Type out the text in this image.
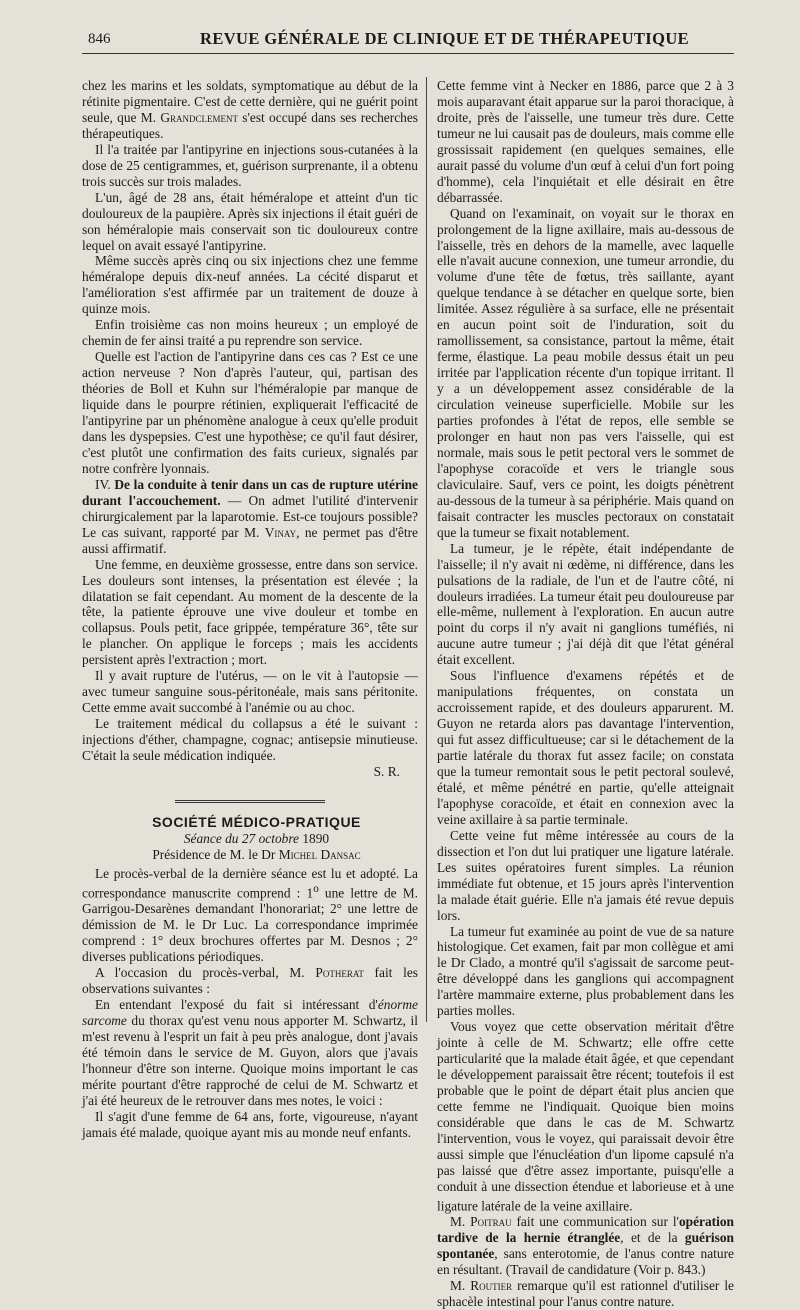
846	REVUE GÉNÉRALE DE CLINIQUE ET DE THÉRAPEUTIQUE

chez les marins et les soldats, symptomatique au début de la rétinite pigmentaire. C'est de cette dernière, qui ne guérit point seule, que M. Grandclement s'est occupé dans ses recherches thérapeutiques.

Il l'a traitée par l'antipyrine en injections sous-cutanées à la dose de 25 centigrammes, et, guérison surprenante, il a obtenu trois succès sur trois malades.

L'un, âgé de 28 ans, était héméralope et atteint d'un tic douloureux de la paupière. Après six injections il était guéri de son héméralopie mais conservait son tic douloureux contre lequel on avait essayé l'antipyrine.

Même succès après cinq ou six injections chez une femme héméralope depuis dix-neuf années. La cécité disparut et l'amélioration s'est affirmée par un traitement de douze à quinze mois.

Enfin troisième cas non moins heureux ; un employé de chemin de fer ainsi traité a pu reprendre son service.

Quelle est l'action de l'antipyrine dans ces cas ? Est ce une action nerveuse ? Non d'après l'auteur, qui, partisan des théories de Boll et Kuhn sur l'héméralopie par manque de liquide dans le pourpre rétinien, expliquerait l'efficacité de l'antipyrine par un phénomène analogue à ceux qu'elle produit dans les dyspepsies. C'est une hypothèse; ce qu'il faut désirer, c'est plutôt une confirmation des faits curieux, signalés par notre confrère lyonnais.

IV. De la conduite à tenir dans un cas de rupture utérine durant l'accouchement. — On admet l'utilité d'intervenir chirurgicalement par la laparotomie. Est-ce toujours possible? Le cas suivant, rapporté par M. Vinay, ne permet pas d'être aussi affirmatif.

Une femme, en deuxième grossesse, entre dans son service. Les douleurs sont intenses, la présentation est élevée ; la dilatation se fait cependant. Au moment de la descente de la tête, la patiente éprouve une vive douleur et tombe en collapsus. Pouls petit, face grippée, température 36°, tête sur le plancher. On applique le forceps ; mais les accidents persistent après l'extraction ; mort.

Il y avait rupture de l'utérus, — on le vit à l'autopsie — avec tumeur sanguine sous-péritonéale, mais sans péritonite. Cette emme avait succombé à l'anémie ou au choc.

Le traitement médical du collapsus a été le suivant : injections d'éther, champagne, cognac; antisepsie minutieuse. C'était la seule médication indiquée.

S. R.

SOCIÉTÉ MÉDICO-PRATIQUE

Séance du 27 octobre 1890

Présidence de M. le Dr Michel Dansac

Le procès-verbal de la dernière séance est lu et adopté. La correspondance manuscrite comprend : 1$^o$ une lettre de M. Garrigou-Desarènes demandant l'honorariat; 2° une lettre de démission de M. le Dr Luc. La correspondance imprimée comprend : 1° deux brochures offertes par M. Desnos ; 2° diverses publications périodiques.

A l'occasion du procès-verbal, M. Potherat fait les observations suivantes :

En entendant l'exposé du fait si intéressant d'énorme sarcome du thorax qu'est venu nous apporter M. Schwartz, il m'est revenu à l'esprit un fait à peu près analogue, dont j'avais été témoin dans le service de M. Guyon, alors que j'avais l'honneur d'être son interne. Quoique moins important le cas mérite pourtant d'être rapproché de celui de M. Schwartz et j'ai été heureux de le retrouver dans mes notes, le voici :

Il s'agit d'une femme de 64 ans, forte, vigoureuse, n'ayant jamais été malade, quoique ayant mis au monde neuf enfants.

Cette femme vint à Necker en 1886, parce que 2 à 3 mois auparavant était apparue sur la paroi thoracique, à droite, près de l'aisselle, une tumeur très dure. Cette tumeur ne lui causait pas de douleurs, mais comme elle grossissait rapidement (en quelques semaines, elle aurait passé du volume d'un œuf à celui d'un fort poing d'homme), cela l'inquiétait et elle désirait en être débarrassée.

Quand on l'examinait, on voyait sur le thorax en prolongement de la ligne axillaire, mais au-dessous de l'aisselle, très en dehors de la mamelle, avec laquelle elle n'avait aucune connexion, une tumeur arrondie, du volume d'une tête de fœtus, très saillante, ayant quelque tendance à se détacher en quelque sorte, bien limitée. Assez régulière à sa surface, elle ne présentait en aucun point soit de l'induration, soit du ramollissement, sa consistance, partout la même, était ferme, élastique. La peau mobile dessus était un peu irritée par l'application récente d'un topique irritant. Il y a un développement assez considérable de la circulation veineuse superficielle. Mobile sur les parties profondes à l'état de repos, elle semble se prolonger en haut non pas vers l'aisselle, qui est normale, mais sous le petit pectoral vers le sommet de l'apophyse coracoïde et vers le triangle sous claviculaire. Sauf, vers ce point, les doigts pénètrent au-dessous de la tumeur à sa périphérie. Mais quand on faisait contracter les muscles pectoraux on constatait que la tumeur se fixait notablement.

La tumeur, je le répète, était indépendante de l'aisselle; il n'y avait ni œdème, ni différence, dans les pulsations de la radiale, de l'un et de l'autre côté, ni douleurs irradiées. La tumeur était peu douloureuse par elle-même, nullement à l'exploration. En aucun autre point du corps il n'y avait ni ganglions tuméfiés, ni aucune autre tumeur ; j'ai déjà dit que l'état général était excellent.

Sous l'influence d'examens répétés et de manipulations fréquentes, on constata un accroissement rapide, et des douleurs apparurent. M. Guyon ne retarda alors pas davantage l'intervention, qui fut assez difficultueuse; car si le détachement de la partie latérale du thorax fut assez facile; on constata que la tumeur remontait sous le petit pectoral soulevé, étalé, et même pénétré en partie, qu'elle atteignait l'apophyse coracoïde, et était en connexion avec la veine axillaire à sa partie terminale.

Cette veine fut même intéressée au cours de la dissection et l'on dut lui pratiquer une ligature latérale. Les suites opératoires furent simples. La réunion immédiate fut obtenue, et 15 jours après l'intervention la malade était guérie. Elle n'a jamais été revue depuis lors.

La tumeur fut examinée au point de vue de sa nature histologique. Cet examen, fait par mon collègue et ami le Dr Clado, a montré qu'il s'agissait de sarcome peut-être développé dans les ganglions qui accompagnent l'artère mammaire externe, plus probablement dans les parties molles.

Vous voyez que cette observation méritait d'être jointe à celle de M. Schwartz; elle offre cette particularité que la malade était âgée, et que cependant le développement paraissait être récent; toutefois il est probable que le point de départ était plus ancien que cette femme ne l'indiquait. Quoique bien moins considérable que dans le cas de M. Schwartz l'intervention, vous le voyez, qui paraissait devoir être aussi simple que l'énucléation d'un lipome capsulé n'a pas laissé que d'être assez importante, puisqu'elle a conduit à une dissection étendue et laborieuse et à une ligature latérale de la veine axillaire.

M. Poitrau fait une communication sur l'opération tardive de la hernie étranglée, et de la guérison spontanée, sans enterotomie, de l'anus contre nature en résultant. (Travail de candidature (Voir p. 843.)

M. Routier remarque qu'il est rationnel d'utiliser le sphacèle intestinal pour l'anus contre nature.
